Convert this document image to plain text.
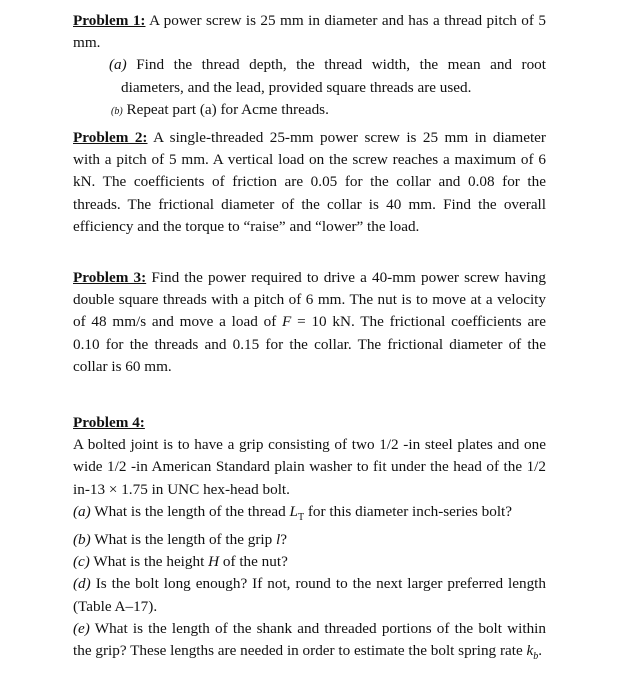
Problem 1: A power screw is 25 mm in diameter and has a thread pitch of 5 mm.

(a) Find the thread depth, the thread width, the mean and root diameters, and the lead, provided square threads are used.

(b) Repeat part (a) for Acme threads.

Problem 2: A single-threaded 25-mm power screw is 25 mm in diameter with a pitch of 5 mm. A vertical load on the screw reaches a maximum of 6 kN. The coefficients of friction are 0.05 for the collar and 0.08 for the threads. The frictional diameter of the collar is 40 mm. Find the overall efficiency and the torque to “raise” and “lower” the load.

Problem 3: Find the power required to drive a 40-mm power screw having double square threads with a pitch of 6 mm. The nut is to move at a velocity of 48 mm/s and move a load of F = 10 kN. The frictional coefficients are 0.10 for the threads and 0.15 for the collar. The frictional diameter of the collar is 60 mm.

Problem 4:

A bolted joint is to have a grip consisting of two 1/2 -in steel plates and one wide 1/2 -in American Standard plain washer to fit under the head of the 1/2 in-13 × 1.75 in UNC hex-head bolt.

(a) What is the length of the thread $L_T$ for this diameter inch-series bolt?

(b) What is the length of the grip l?

(c) What is the height H of the nut?

(d) Is the bolt long enough? If not, round to the next larger preferred length (Table A–17).

(e) What is the length of the shank and threaded portions of the bolt within the grip? These lengths are needed in order to estimate the bolt spring rate $k_b$.
